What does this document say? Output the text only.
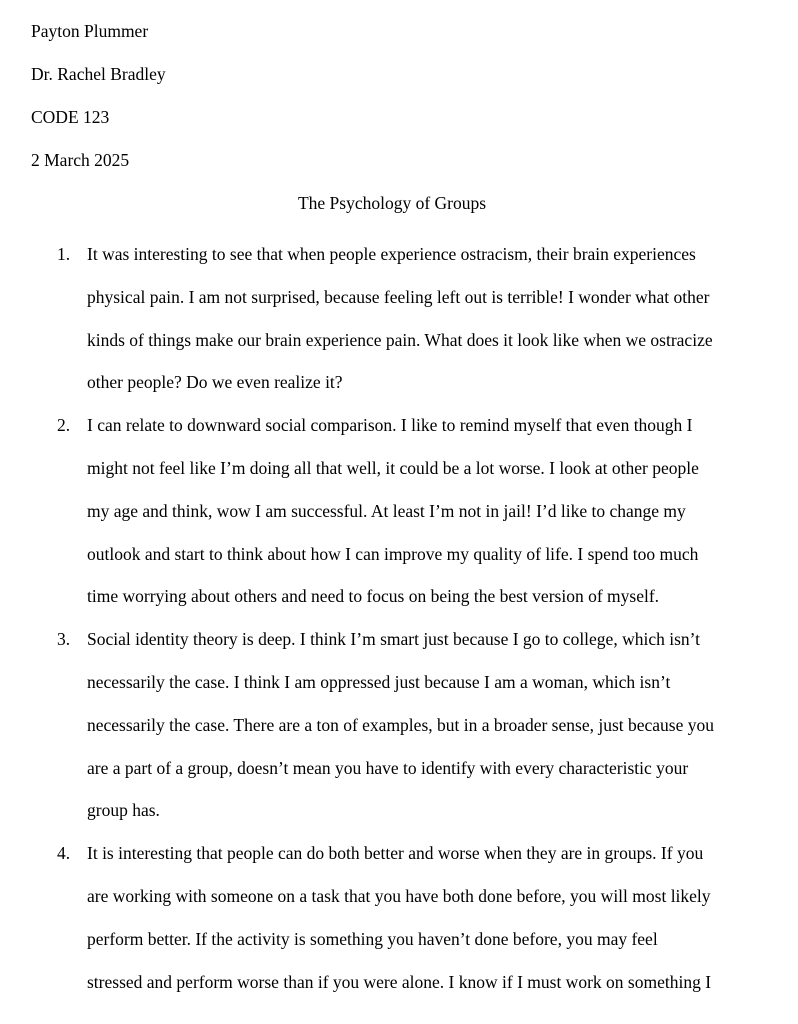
Payton Plummer
Dr. Rachel Bradley
CODE 123
2 March 2025
The Psychology of Groups
1. It was interesting to see that when people experience ostracism, their brain experiences
physical pain. I am not surprised, because feeling left out is terrible! I wonder what other
kinds of things make our brain experience pain. What does it look like when we ostracize
other people? Do we even realize it?
2. I can relate to downward social comparison. I like to remind myself that even though I
might not feel like I’m doing all that well, it could be a lot worse. I look at other people
my age and think, wow I am successful. At least I’m not in jail! I’d like to change my
outlook and start to think about how I can improve my quality of life. I spend too much
time worrying about others and need to focus on being the best version of myself.
3. Social identity theory is deep. I think I’m smart just because I go to college, which isn’t
necessarily the case. I think I am oppressed just because I am a woman, which isn’t
necessarily the case. There are a ton of examples, but in a broader sense, just because you
are a part of a group, doesn’t mean you have to identify with every characteristic your
group has.
4. It is interesting that people can do both better and worse when they are in groups. If you
are working with someone on a task that you have both done before, you will most likely
perform better. If the activity is something you haven’t done before, you may feel
stressed and perform worse than if you were alone. I know if I must work on something I
